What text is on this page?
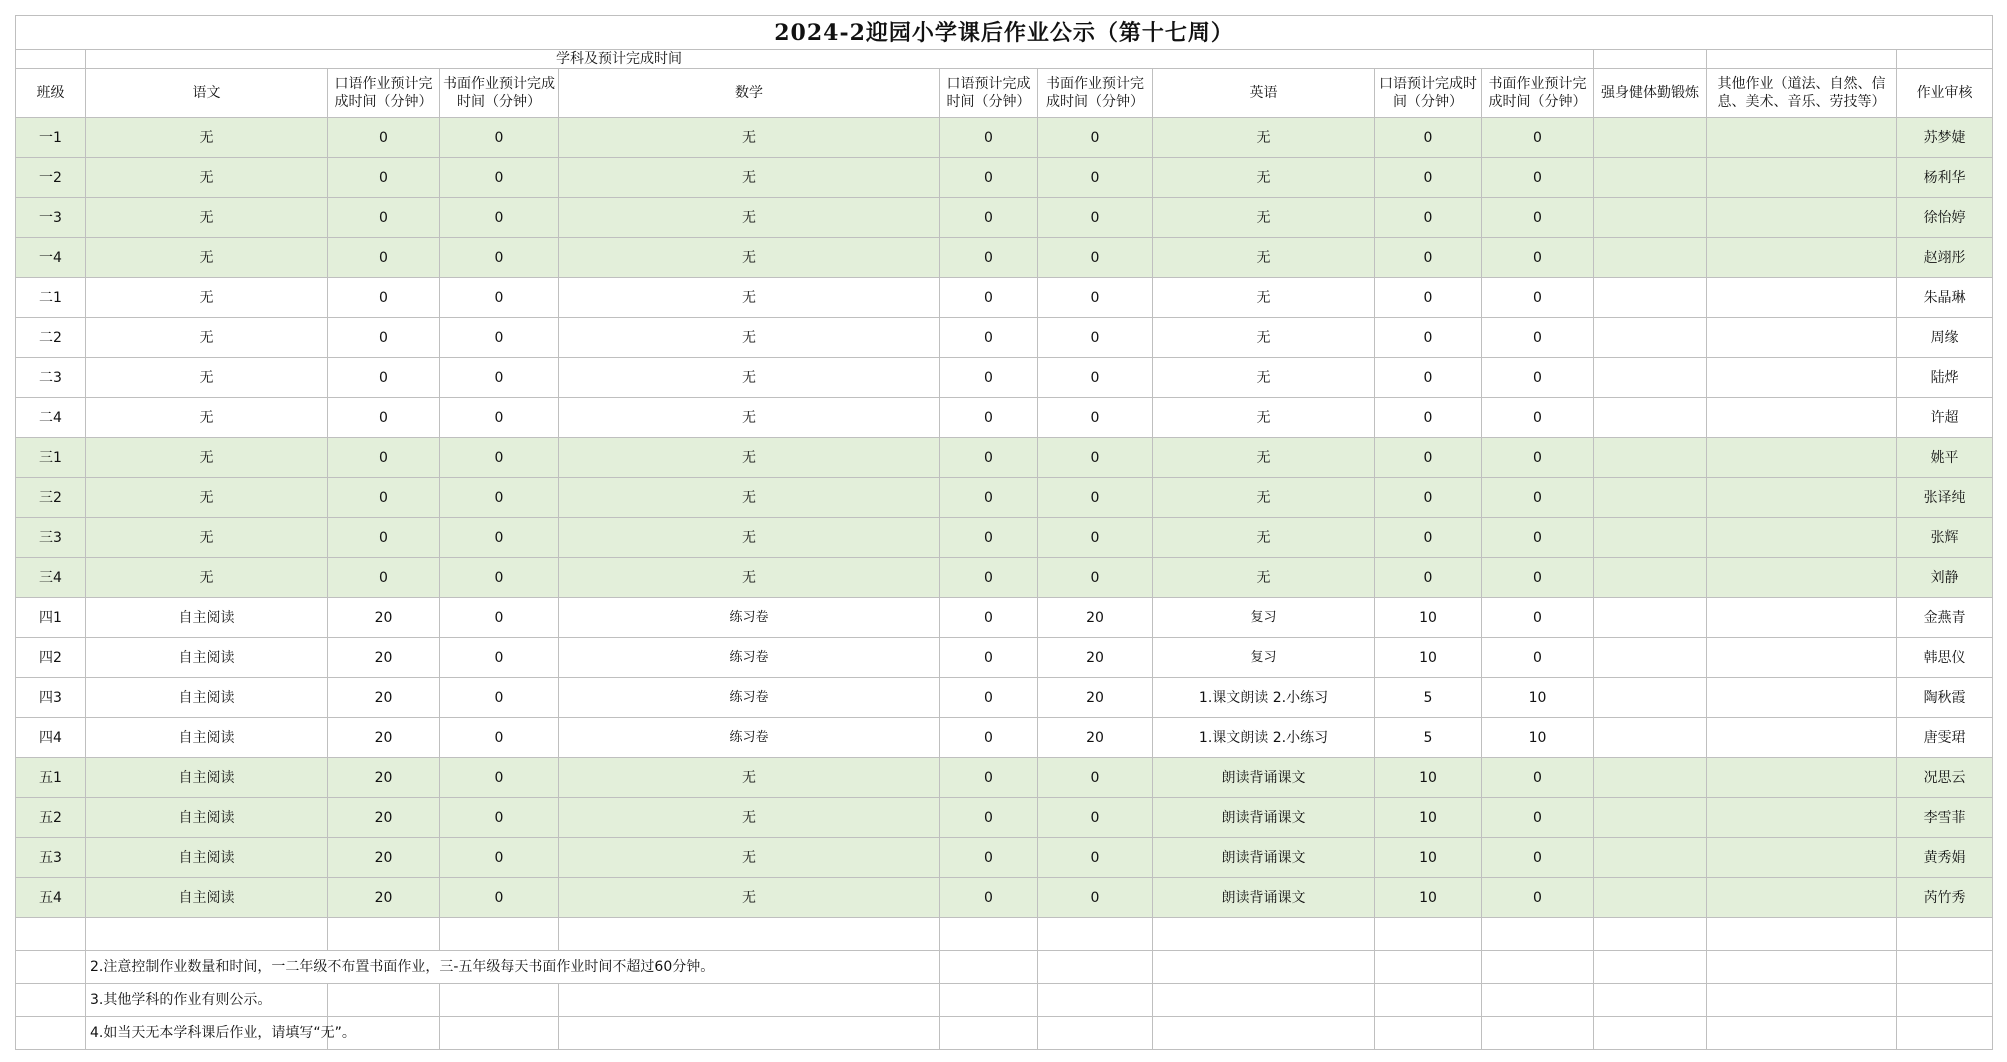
2024-2迎园小学课后作业公示（第十七周）												
	学科及预计完成时间											
班级	语文	口语作业预计完成时间（分钟）	书面作业预计完成时间（分钟）	数学	口语预计完成时间（分钟）	书面作业预计完成时间（分钟）	英语	口语预计完成时间（分钟）	书面作业预计完成时间（分钟）	强身健体勤锻炼	其他作业（道法、自然、信息、美术、音乐、劳技等）	作业审核
一1	无	0	0	无	0	0	无	0	0			苏梦婕
一2	无	0	0	无	0	0	无	0	0			杨利华
一3	无	0	0	无	0	0	无	0	0			徐怡婷
一4	无	0	0	无	0	0	无	0	0			赵翊彤
二1	无	0	0	无	0	0	无	0	0			朱晶琳
二2	无	0	0	无	0	0	无	0	0			周缘
二3	无	0	0	无	0	0	无	0	0			陆烨
二4	无	0	0	无	0	0	无	0	0			许超
三1	无	0	0	无	0	0	无	0	0			姚平
三2	无	0	0	无	0	0	无	0	0			张译纯
三3	无	0	0	无	0	0	无	0	0			张辉
三4	无	0	0	无	0	0	无	0	0			刘静
四1	自主阅读	20	0	练习卷	0	20	复习	10	0			金燕青
四2	自主阅读	20	0	练习卷	0	20	复习	10	0			韩思仪
四3	自主阅读	20	0	练习卷	0	20	1.课文朗读 2.小练习	5	10			陶秋霞
四4	自主阅读	20	0	练习卷	0	20	1.课文朗读 2.小练习	5	10			唐雯珺
五1	自主阅读	20	0	无	0	0	朗读背诵课文	10	0			况思云
五2	自主阅读	20	0	无	0	0	朗读背诵课文	10	0			李雪菲
五3	自主阅读	20	0	无	0	0	朗读背诵课文	10	0			黄秀娟
五4	自主阅读	20	0	无	0	0	朗读背诵课文	10	0			芮竹秀

	2.注意控制作业数量和时间，一二年级不布置书面作业，三-五年级每天书面作业时间不超过60分钟。											
	3.其他学科的作业有则公示。											
	4.如当天无本学科课后作业，请填写“无”。											
